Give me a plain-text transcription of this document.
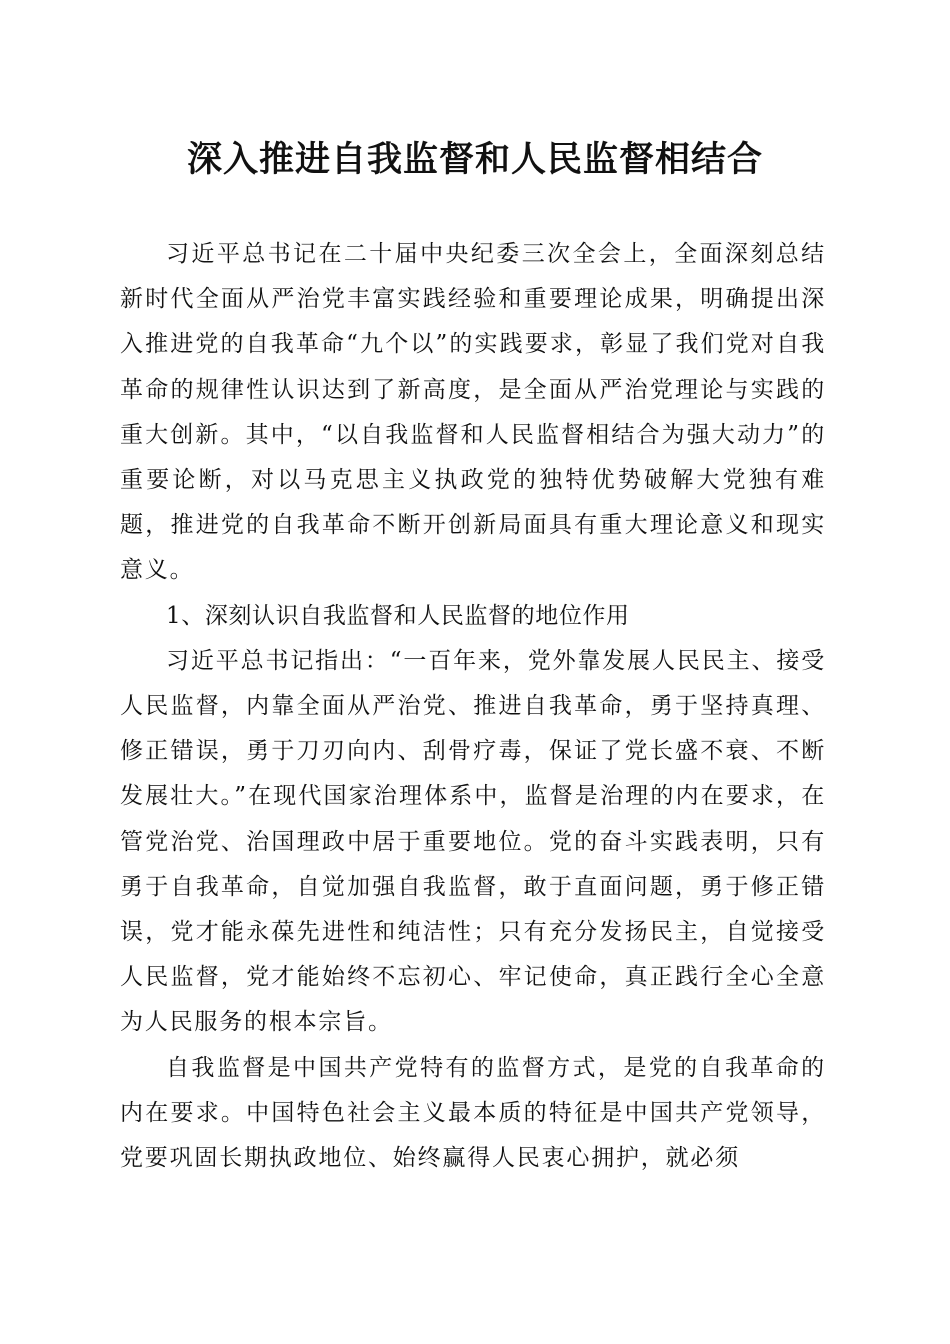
深入推进自我监督和人民监督相结合

习近平总书记在二十届中央纪委三次全会上，全面深刻总结新时代全面从严治党丰富实践经验和重要理论成果，明确提出深入推进党的自我革命“九个以”的实践要求，彰显了我们党对自我革命的规律性认识达到了新高度，是全面从严治党理论与实践的重大创新。其中，“以自我监督和人民监督相结合为强大动力”的重要论断，对以马克思主义执政党的独特优势破解大党独有难题，推进党的自我革命不断开创新局面具有重大理论意义和现实意义。

1、深刻认识自我监督和人民监督的地位作用

习近平总书记指出：“一百年来，党外靠发展人民民主、接受人民监督，内靠全面从严治党、推进自我革命，勇于坚持真理、修正错误，勇于刀刃向内、刮骨疗毒，保证了党长盛不衰、不断发展壮大。”在现代国家治理体系中，监督是治理的内在要求，在管党治党、治国理政中居于重要地位。党的奋斗实践表明，只有勇于自我革命，自觉加强自我监督，敢于直面问题，勇于修正错误，党才能永葆先进性和纯洁性；只有充分发扬民主，自觉接受人民监督，党才能始终不忘初心、牢记使命，真正践行全心全意为人民服务的根本宗旨。

自我监督是中国共产党特有的监督方式，是党的自我革命的内在要求。中国特色社会主义最本质的特征是中国共产党领导，党要巩固长期执政地位、始终赢得人民衷心拥护，就必须
